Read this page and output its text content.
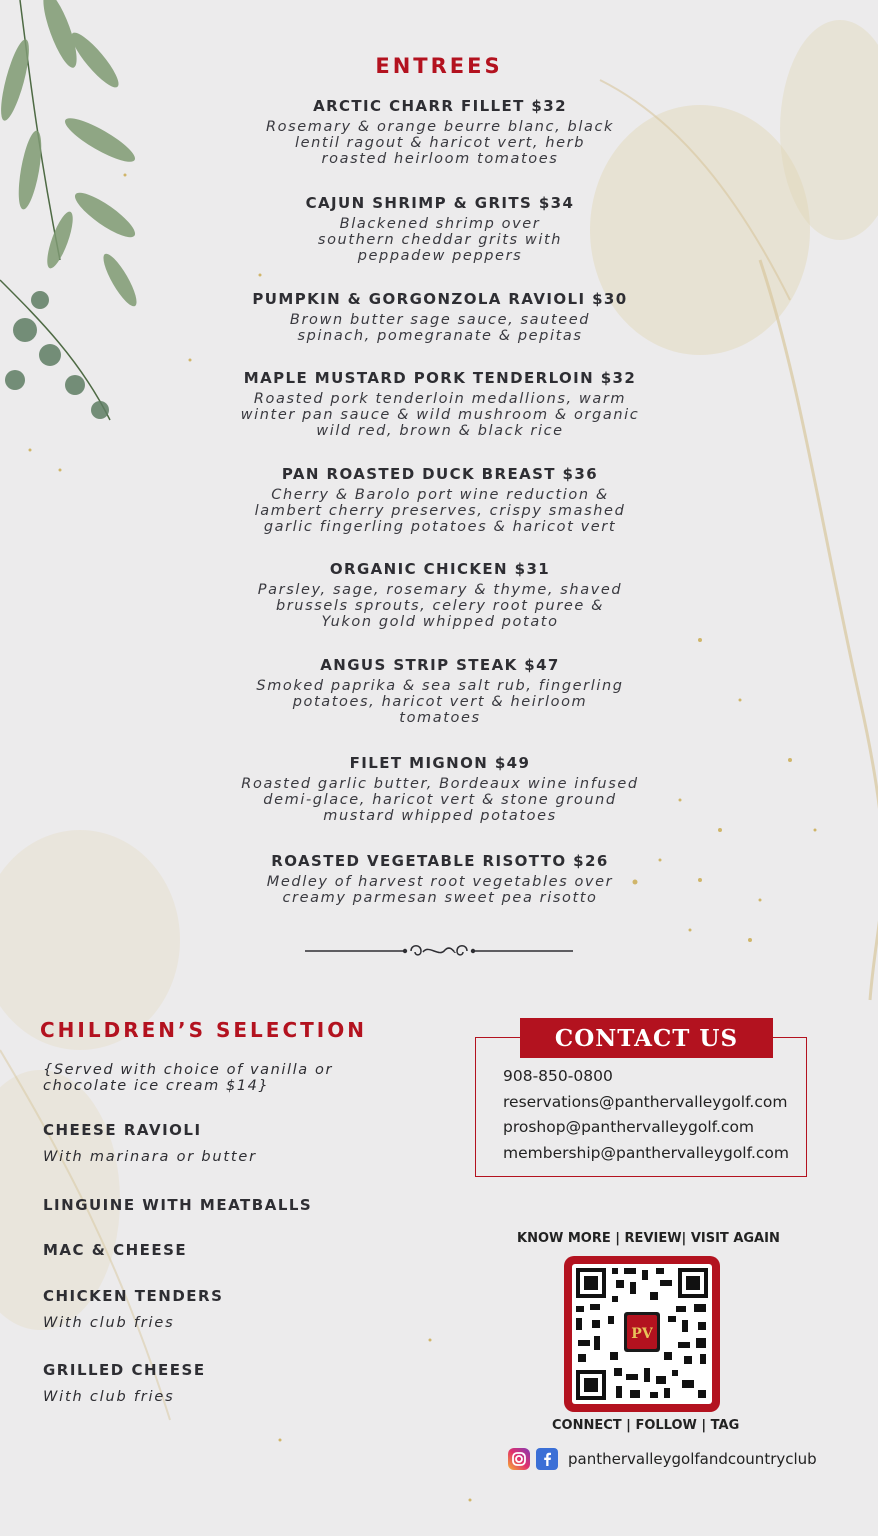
ENTREES
ARCTIC CHARR FILLET $32
Rosemary & orange beurre blanc, black
lentil ragout & haricot vert, herb
roasted heirloom tomatoes
CAJUN SHRIMP & GRITS $34
Blackened shrimp over
southern cheddar grits with
peppadew peppers
PUMPKIN & GORGONZOLA RAVIOLI $30
Brown butter sage sauce, sauteed
spinach, pomegranate & pepitas
MAPLE MUSTARD PORK TENDERLOIN $32
Roasted pork tenderloin medallions, warm
winter pan sauce & wild mushroom & organic
wild red, brown & black rice
PAN ROASTED DUCK BREAST $36
Cherry & Barolo port wine reduction &
lambert cherry preserves, crispy smashed
garlic fingerling potatoes & haricot vert
ORGANIC CHICKEN $31
Parsley, sage, rosemary & thyme, shaved
brussels sprouts, celery root puree &
Yukon gold whipped potato
ANGUS STRIP STEAK $47
Smoked paprika & sea salt rub, fingerling
potatoes, haricot vert & heirloom
tomatoes
FILET MIGNON $49
Roasted garlic butter, Bordeaux wine infused
demi-glace, haricot vert & stone ground
mustard whipped potatoes
ROASTED VEGETABLE RISOTTO $26
Medley of harvest root vegetables over
creamy parmesan sweet pea risotto
CHILDREN’S SELECTION
{Served with choice of vanilla or
chocolate ice cream $14}
CHEESE RAVIOLI
With marinara or butter
LINGUINE WITH MEATBALLS
MAC & CHEESE
CHICKEN TENDERS
With club fries
GRILLED CHEESE
With club fries
CONTACT US
908-850-0800
reservations@panthervalleygolf.com
proshop@panthervalleygolf.com
membership@panthervalleygolf.com
KNOW MORE | REVIEW| VISIT AGAIN
PV
CONNECT | FOLLOW | TAG
panthervalleygolfandcountryclub
